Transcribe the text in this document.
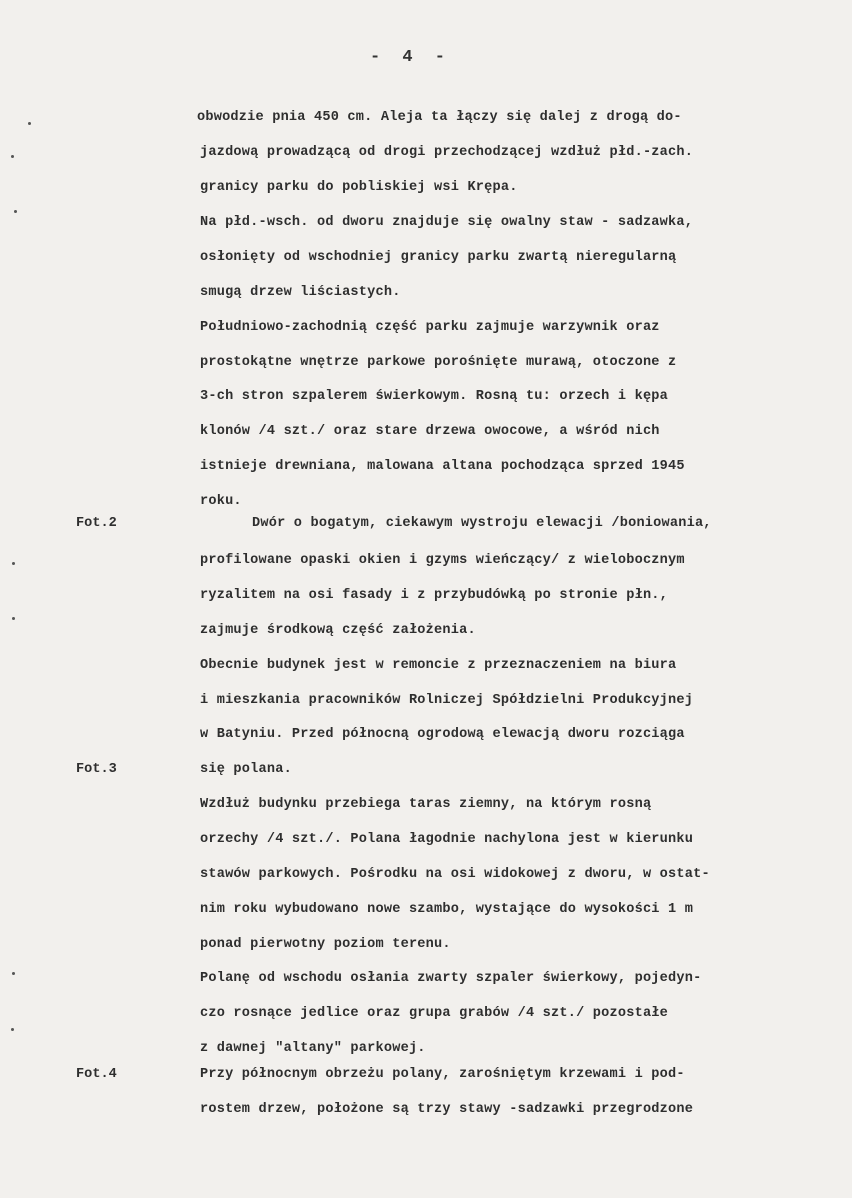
- 4 -
Fot.2
Fot.3
Fot.4
obwodzie pnia 450 cm. Aleja ta łączy się dalej z drogą do-
jazdową prowadzącą od drogi przechodzącej wzdłuż płd.-zach.
granicy parku do pobliskiej wsi Krępa.
Na płd.-wsch. od dworu znajduje się owalny staw - sadzawka,
osłonięty od wschodniej granicy parku zwartą nieregularną
smugą drzew liściastych.
Południowo-zachodnią część parku zajmuje warzywnik oraz
prostokątne wnętrze parkowe porośnięte murawą, otoczone z
3-ch stron szpalerem świerkowym. Rosną tu: orzech i kępa
klonów /4 szt./ oraz stare drzewa owocowe, a wśród nich
istnieje drewniana, malowana altana pochodząca sprzed 1945
roku.
Dwór o bogatym, ciekawym wystroju elewacji /boniowania,
profilowane opaski okien i gzyms wieńczący/ z wielobocznym
ryzalitem na osi fasady i z przybudówką po stronie płn.,
zajmuje środkową część założenia.
Obecnie budynek jest w remoncie z przeznaczeniem na biura
i mieszkania pracowników Rolniczej Spółdzielni Produkcyjnej
w Batyniu. Przed północną ogrodową elewacją dworu rozciąga
się polana.
Wzdłuż budynku przebiega taras ziemny, na którym rosną
orzechy /4 szt./. Polana łagodnie nachylona jest w kierunku
stawów parkowych. Pośrodku na osi widokowej z dworu, w ostat-
nim roku wybudowano nowe szambo, wystające do wysokości 1 m
ponad pierwotny poziom terenu.
Polanę od wschodu osłania zwarty szpaler świerkowy, pojedyn-
czo rosnące jedlice oraz grupa grabów /4 szt./ pozostałe
z dawnej "altany" parkowej.
Przy północnym obrzeżu polany, zarośniętym krzewami i pod-
rostem drzew, położone są trzy stawy -sadzawki przegrodzone
